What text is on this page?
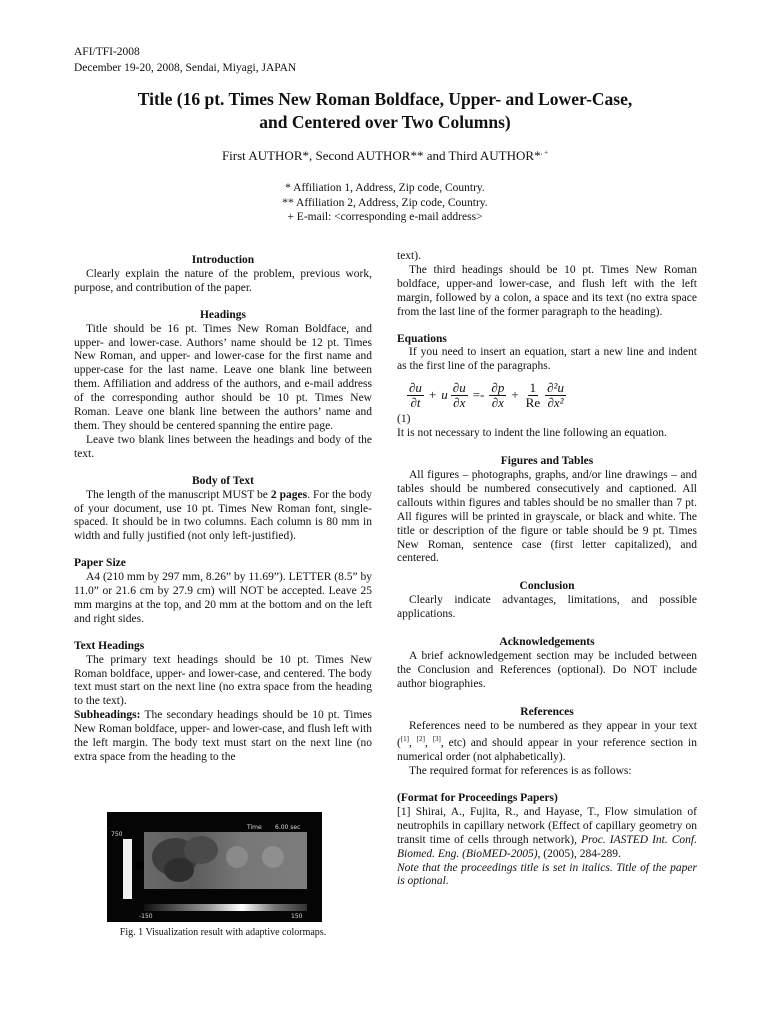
AFI/TFI-2008
December 19-20, 2008, Sendai, Miyagi, JAPAN
Title (16 pt. Times New Roman Boldface, Upper- and Lower-Case,
and Centered over Two Columns)
First AUTHOR*, Second AUTHOR** and Third AUTHOR*, +
* Affiliation 1, Address, Zip code, Country.
** Affiliation 2, Address, Zip code, Country.
+ E-mail: <corresponding e-mail address>
Introduction

Clearly explain the nature of the problem, previous work, purpose, and contribution of the paper.

Headings

Title should be 16 pt. Times New Roman Boldface, and upper- and lower-case. Authors’ name should be 12 pt. Times New Roman, and upper- and lower-case for the first name and upper-case for the last name. Leave one blank line between them. Affiliation and address of the authors, and e-mail address of the corresponding author should be 10 pt. Times New Roman. Leave one blank line between the authors’ name and them. They should be centered spanning the entire page.

Leave two blank lines between the headings and body of the text.

Body of Text

The length of the manuscript MUST be 2 pages. For the body of your document, use 10 pt. Times New Roman font, single-spaced. It should be in two columns. Each column is 80 mm in width and fully justified (not only left-justified).

Paper Size

A4 (210 mm by 297 mm, 8.26” by 11.69”). LETTER (8.5” by 11.0” or 21.6 cm by 27.9 cm) will NOT be accepted. Leave 25 mm margins at the top, and 20 mm at the bottom and on the left and right sides.

Text Headings

The primary text headings should be 10 pt. Times New Roman boldface, upper- and lower-case, and centered. The body text must start on the next line (no extra space from the heading to the text).

Subheadings: The secondary headings should be 10 pt. Times New Roman boldface, upper- and lower-case, and flush left with the left margin. The body text must start on the next line (no extra space from the heading to the

Time 6.00 sec
750
-150	150
Fig. 1 Visualization result with adaptive colormaps.

text).

The third headings should be 10 pt. Times New Roman boldface, upper-and lower-case, and flush left with the left margin, followed by a colon, a space and its text (no extra space from the last line of the former paragraph to the heading).

Equations

If you need to insert an equation, start a new line and indent as the first line of the paragraphs.

$\frac{\partial u}{\partial t} + u \frac{\partial u}{\partial x} =- \frac{\partial p}{\partial x} + \frac{1}{Re} \frac{\text{∂²u}}{\text{∂x²}}$

(1)

It is not necessary to indent the line following an equation.

Figures and Tables

All figures – photographs, graphs, and/or line drawings – and tables should be numbered consecutively and captioned. All callouts within figures and tables should be no smaller than 7 pt. All figures will be printed in grayscale, or black and white. The title or description of the figure or table should be 9 pt. Times New Roman, sentence case (first letter capitalized), and centered.

Conclusion

Clearly indicate advantages, limitations, and possible applications.

Acknowledgements

A brief acknowledgement section may be included between the Conclusion and References (optional). Do NOT include author biographies.

References

References need to be numbered as they appear in your text ([1], [2], [3], etc) and should appear in your reference section in numerical order (not alphabetically).

The required format for references is as follows:

(Format for Proceedings Papers)

[1] Shirai, A., Fujita, R., and Hayase, T., Flow simulation of neutrophils in capillary network (Effect of capillary geometry on transit time of cells through network), Proc. IASTED Int. Conf. Biomed. Eng. (BioMED-2005), (2005), 284-289.

Note that the proceedings title is set in italics. Title of the paper is optional.
